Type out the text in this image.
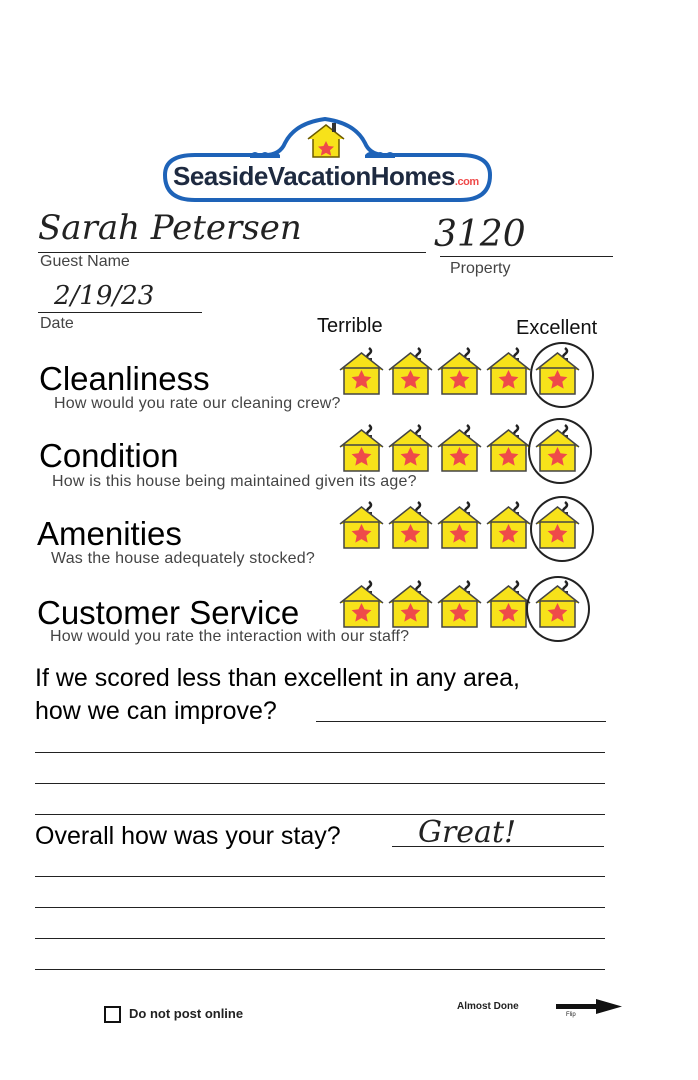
SeasideVacationHomes.com
Sarah Petersen
Guest Name
3120
Property
2/19/23
Date	Terrible	Excellent
Cleanliness
How would you rate our cleaning crew?
Condition
How is this house being maintained given its age?
Amenities
Was the house adequately stocked?
Customer Service
How would you rate the interaction with our staff?
If we scored less than excellent in any area,
how we can improve?
Overall how was your stay?	Great!
Do not post online	Almost Done
Flip
